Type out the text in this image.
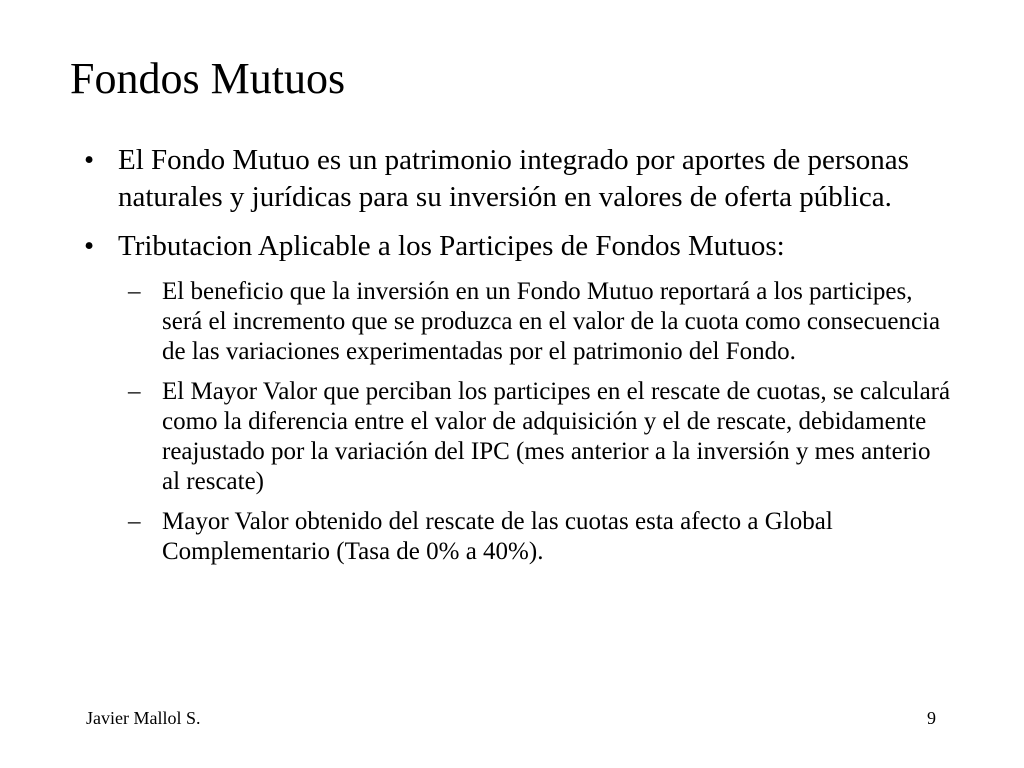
Fondos Mutuos
• El Fondo Mutuo es un patrimonio integrado por aportes de personas naturales y jurídicas para su inversión en valores de oferta pública.
• Tributacion Aplicable a los Participes de Fondos Mutuos:
– El beneficio que la inversión en un Fondo Mutuo reportará a los participes, será el incremento que se produzca en el valor de la cuota como consecuencia de las variaciones experimentadas por el patrimonio del Fondo.
– El Mayor Valor que perciban los participes en el rescate de cuotas, se calculará como la diferencia entre el valor de adquisición y el de rescate, debidamente reajustado por la variación del IPC (mes anterior a la inversión y mes anterio al rescate)
– Mayor Valor obtenido del rescate de las cuotas esta afecto a Global Complementario (Tasa de 0% a 40%).
Javier Mallol S.	9
